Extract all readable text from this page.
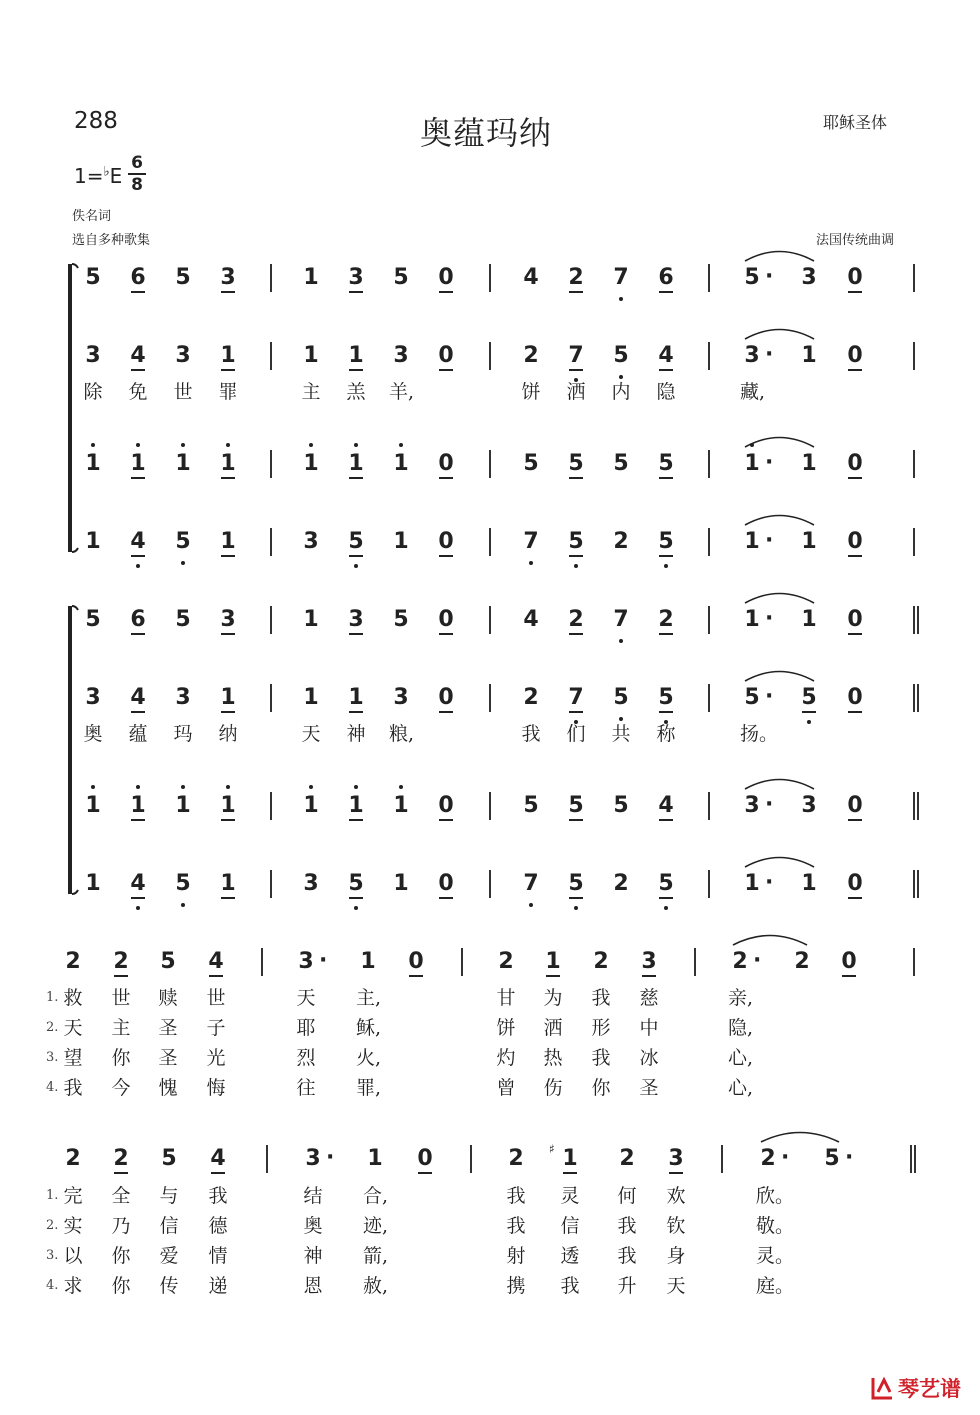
288	奥蕴玛纳	耶稣圣体
1=♭E
6
8
佚名词
选自多种歌集	法国传统曲调
5 6 5 3	1 3 5 0	4 2 7 6	5 · 3 0
3 4 3 1	1 1 3 0	2 7 5 4	3 · 1 0
1 1 1 1	1 1 1 0	5 5 5 5	1 · 1 0
1 4 5 1	3 5 1 0	7 5 2 5	1 · 1 0
5 6 5 3	1 3 5 0	4 2 7 2	1 · 1 0
3 4 3 1	1 1 3 0	2 7 5 5	5 · 5 0
1 1 1 1	1 1 1 0	5 5 5 4	3 · 3 0
1 4 5 1	3 5 1 0	7 5 2 5	1 · 1 0
2 2 5 4	3 · 1 0	2 1 2 3	2 · 2 0
2 2 5 4	3 · 1 0	2 1
♯	2 3	2 · 5 ·
除 免 世 罪	主 羔 羊,	饼 洒 内 隐	藏,
奥 蕴 玛 纳	天 神 粮,	我 们 共 称	扬。
1. 救 世 赎 世	天 主,	甘 为 我 慈	亲,
2. 天 主 圣 子	耶 稣,	饼 洒 形 中	隐,
3. 望 你 圣 光	烈 火,	灼 热 我 冰	心,
4. 我 今 愧 悔	往 罪,	曾 伤 你 圣	心,
1. 完 全 与 我	结 合,	我 灵 何 欢	欣。
2. 实 乃 信 德	奥 迹,	我 信 我 钦	敬。
3. 以 你 爱 情	神 箭,	射 透 我 身	灵。
4. 求 你 传 递	恩 赦,	携 我 升 天	庭。
琴艺谱
